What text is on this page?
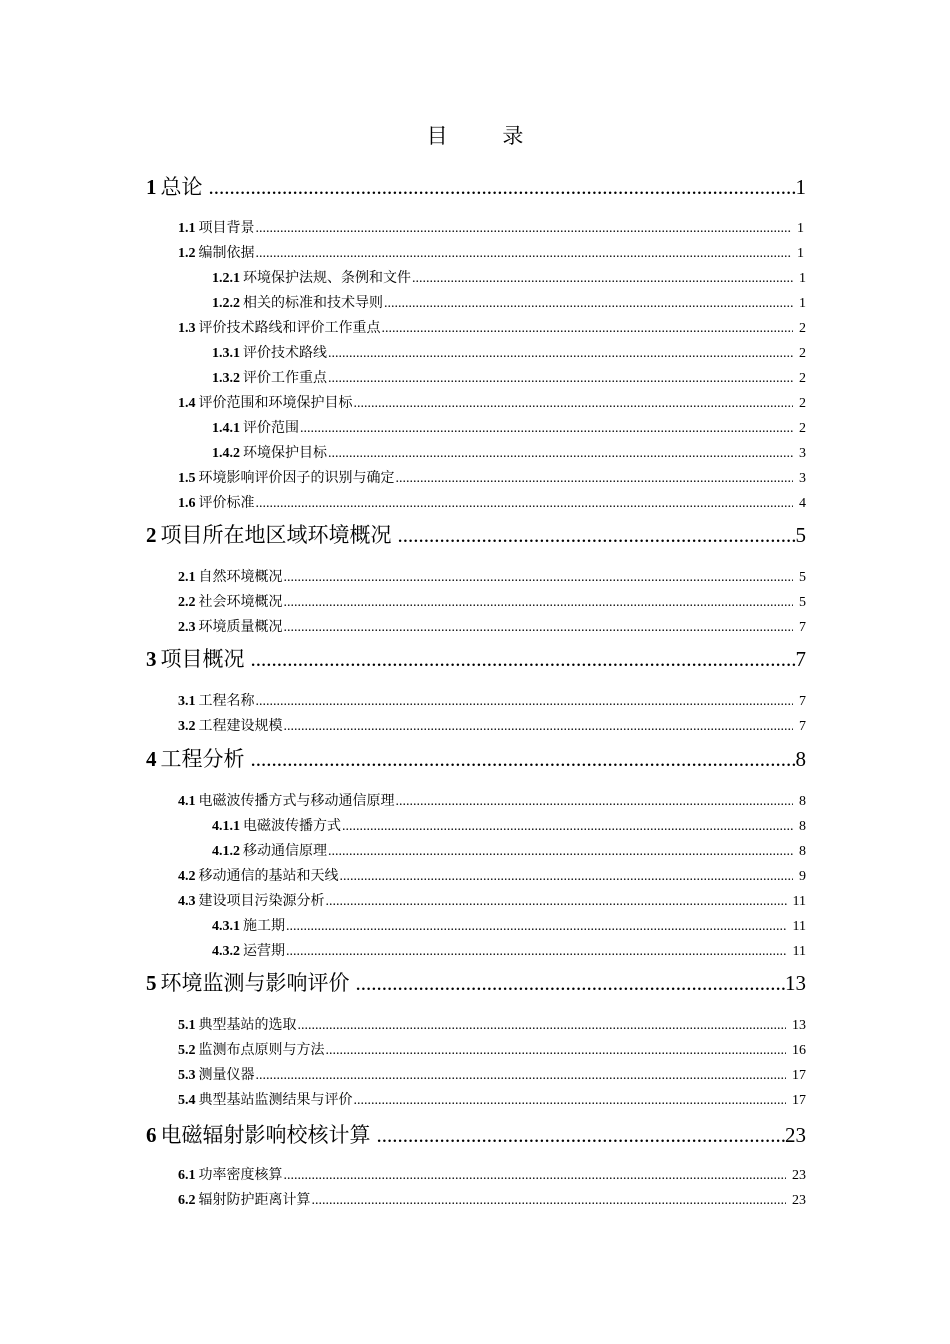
目 录
1 总论 .....	1
1.1 项目背景 .....	1
1.2 编制依据 .....	1
1.2.1 环境保护法规、条例和文件 .....	1
1.2.2 相关的标准和技术导则 .....	1
1.3 评价技术路线和评价工作重点 .....	2
1.3.1 评价技术路线 .....	2
1.3.2 评价工作重点 .....	2
1.4 评价范围和环境保护目标 .....	2
1.4.1 评价范围 .....	2
1.4.2 环境保护目标 .....	3
1.5 环境影响评价因子的识别与确定 .....	3
1.6 评价标准 .....	4
2 项目所在地区域环境概况 .....	5
2.1 自然环境概况 .....	5
2.2 社会环境概况 .....	5
2.3 环境质量概况 .....	7
3 项目概况 .....	7
3.1 工程名称 .....	7
3.2 工程建设规模 .....	7
4 工程分析 .....	8
4.1 电磁波传播方式与移动通信原理 .....	8
4.1.1 电磁波传播方式 .....	8
4.1.2 移动通信原理 .....	8
4.2 移动通信的基站和天线 .....	9
4.3 建设项目污染源分析 .....	11
4.3.1 施工期 .....	11
4.3.2 运营期 .....	11
5 环境监测与影响评价 .....	13
5.1 典型基站的选取 .....	13
5.2 监测布点原则与方法 .....	16
5.3 测量仪器 .....	17
5.4 典型基站监测结果与评价 .....	17
6 电磁辐射影响校核计算 .....	23
6.1 功率密度核算 .....	23
6.2 辐射防护距离计算 .....	23
